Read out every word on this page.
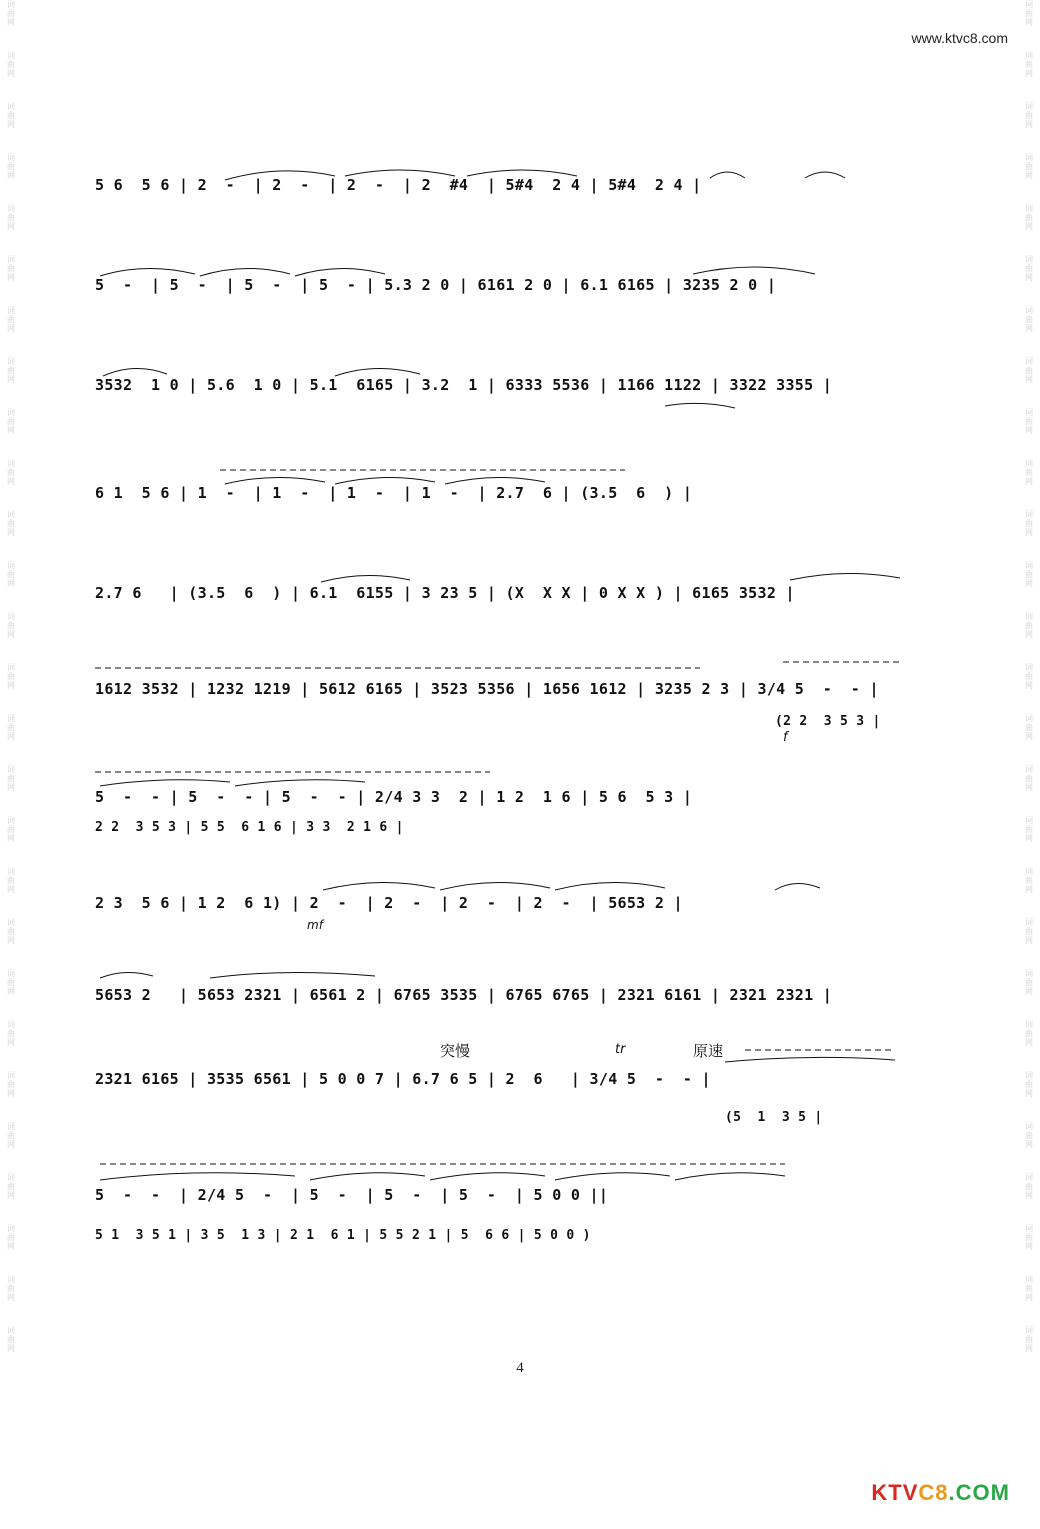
词曲网
词曲网
词曲网
词曲网
词曲网
词曲网
词曲网
词曲网
词曲网
词曲网
词曲网
词曲网
词曲网
词曲网
词曲网
词曲网
词曲网
词曲网
词曲网
词曲网
词曲网
词曲网
词曲网
词曲网
词曲网
词曲网
词曲网
词曲网
词曲网
词曲网
词曲网
词曲网
词曲网
词曲网
词曲网
词曲网
词曲网
词曲网
词曲网
词曲网
词曲网
词曲网
词曲网
词曲网
词曲网
词曲网
词曲网
词曲网
词曲网
词曲网
词曲网
词曲网
词曲网
词曲网
www.ktvc8.com
5 6  5 6 | 2  -  | 2  -  | 2  -  | 2  #4  | 5#4  2 4 | 5#4  2 4 |
5  -  | 5  -  | 5  -  | 5  - | 5.3 2 0 | 6161 2 0 | 6.1 6165 | 3235 2 0 |
3532  1 0 | 5.6  1 0 | 5.1  6165 | 3.2  1 | 6333 5536 | 1166 1122 | 3322 3355 |
6 1  5 6 | 1  -  | 1  -  | 1  -  | 1  -  | 2.7  6 | (3.5  6  ) |
2.7 6   | (3.5  6  ) | 6.1  6155 | 3 23 5 | (X  X X | 0 X X ) | 6165 3532 |
1612 3532 | 1232 1219 | 5612 6165 | 3523 5356 | 1656 1612 | 3235 2 3 | 3/4 5  -  - |
(2 2  3 5 3 |
f
5  -  - | 5  -  - | 5  -  - | 2/4 3 3  2 | 1 2  1 6 | 5 6  5 3 |
2 2  3 5 3 | 5 5  6 1 6 | 3 3  2 1 6 |
2 3  5 6 | 1 2  6 1) | 2  -  | 2  -  | 2  -  | 2  -  | 5653 2 |
mf
5653 2   | 5653 2321 | 6561 2 | 6765 3535 | 6765 6765 | 2321 6161 | 2321 2321 |
突慢	tr	原速
2321 6165 | 3535 6561 | 5 0 0 7 | 6.7 6 5 | 2  6   | 3/4 5  -  - |
(5  1  3 5 |
5  -  -  | 2/4 5  -  | 5  -  | 5  -  | 5  -  | 5 0 0 ||
5 1  3 5 1 | 3 5  1 3 | 2 1  6 1 | 5 5 2 1 | 5  6 6 | 5 0 0 )
4
KTVC8.COM
